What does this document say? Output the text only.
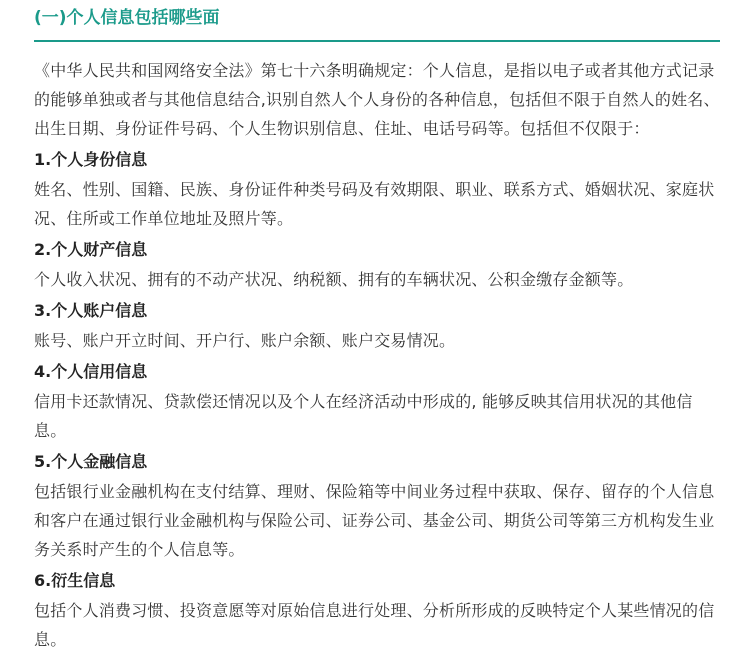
(一)个人信息包括哪些面

《中华人民共和国网络安全法》第七十六条明确规定：个人信息，是指以电子或者其他方式记录的能够单独或者与其他信息结合,识别自然人个人身份的各种信息，包括但不限于自然人的姓名、出生日期、身份证件号码、个人生物识别信息、住址、电话号码等。包括但不仅限于：

1.个人身份信息

姓名、性别、国籍、民族、身份证件种类号码及有效期限、职业、联系方式、婚姻状况、家庭状况、住所或工作单位地址及照片等。

2.个人财产信息

个人收入状况、拥有的不动产状况、纳税额、拥有的车辆状况、公积金缴存金额等。

3.个人账户信息

账号、账户开立时间、开户行、账户余额、账户交易情况。

4.个人信用信息

信用卡还款情况、贷款偿还情况以及个人在经济活动中形成的, 能够反映其信用状况的其他信息。

5.个人金融信息

包括银行业金融机构在支付结算、理财、保险箱等中间业务过程中获取、保存、留存的个人信息和客户在通过银行业金融机构与保险公司、证券公司、基金公司、期货公司等第三方机构发生业务关系时产生的个人信息等。

6.衍生信息

包括个人消费习惯、投资意愿等对原始信息进行处理、分析所形成的反映特定个人某些情况的信息。
